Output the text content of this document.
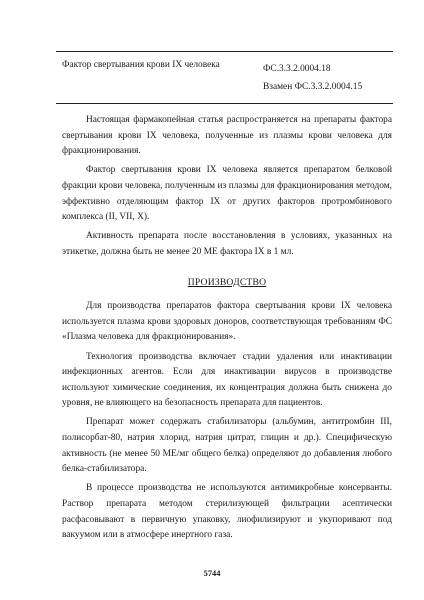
Фактор свертывания крови IX человека	ФС.3.3.2.0004.18
Взамен ФС.3.3.2.0004.15

Настоящая фармакопейная статья распространяется на препараты фактора свертывания крови IX человека, полученные из плазмы крови человека для фракционирования.

Фактор свертывания крови IX человека является препаратом белковой фракции крови человека, полученным из плазмы для фракционирования методом, эффективно отделяющим фактор IX от других факторов протромбинового комплекса (II, VII, X).

Активность препарата после восстановления в условиях, указанных на этикетке, должна быть не менее 20 МЕ фактора IX в 1 мл.

ПРОИЗВОДСТВО

Для производства препаратов фактора свертывания крови IX человека используется плазма крови здоровых доноров, соответствующая требованиям ФС «Плазма человека для фракционирования».

Технология производства включает стадии удаления или инактивации инфекционных агентов. Если для инактивации вирусов в производстве используют химические соединения, их концентрация должна быть снижена до уровня, не влияющего на безопасность препарата для пациентов.

Препарат может содержать стабилизаторы (альбумин, антитромбин III, полисорбат-80, натрия хлорид, натрия цитрат, глицин и др.). Специфическую активность (не менее 50 МЕ/мг общего белка) определяют до добавления любого белка-стабилизатора.

В процессе производства не используются антимикробные консерванты. Раствор препарата методом стерилизующей фильтрации асептически расфасовывают в первичную упаковку, лиофилизируют и укупоривают под вакуумом или в атмосфере инертного газа.

5744
